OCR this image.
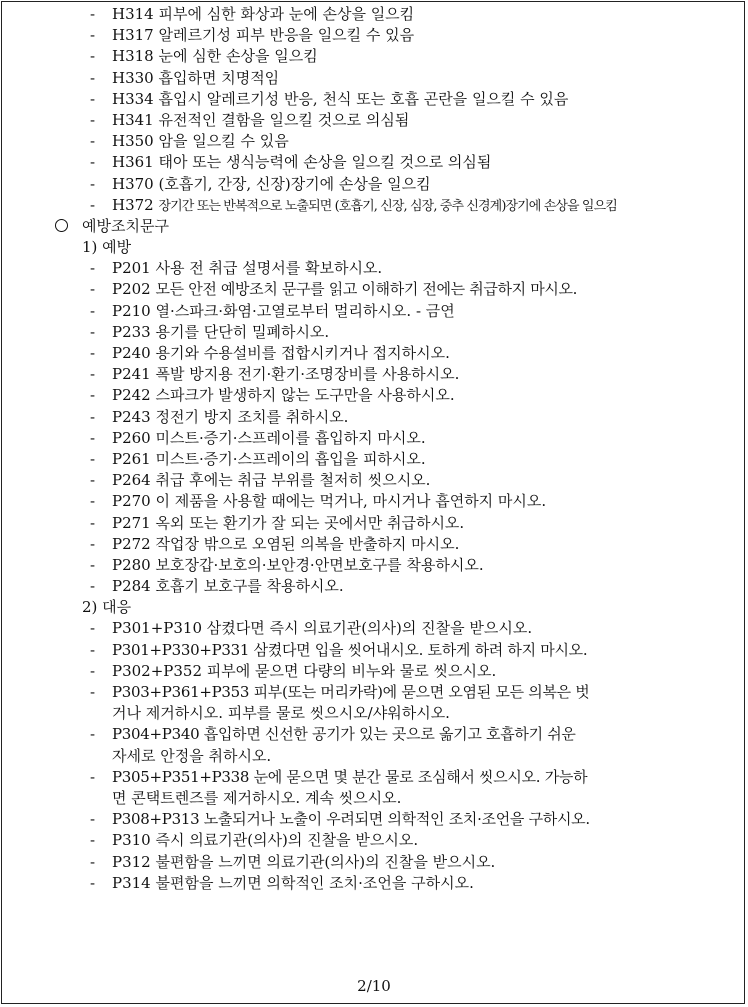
- H314 피부에 심한 화상과 눈에 손상을 일으킴
- H317 알레르기성 피부 반응을 일으킬 수 있음
- H318 눈에 심한 손상을 일으킴
- H330 흡입하면 치명적임
- H334 흡입시 알레르기성 반응, 천식 또는 호흡 곤란을 일으킬 수 있음
- H341 유전적인 결함을 일으킬 것으로 의심됨
- H350 암을 일으킬 수 있음
- H361 태아 또는 생식능력에 손상을 일으킬 것으로 의심됨
- H370 (호흡기, 간장, 신장)장기에 손상을 일으킴
- H372 장기간 또는 반복적으로 노출되면 (호흡기, 신장, 심장, 중추 신경계)장기에 손상을 일으킴
예방조치문구
1) 예방
- P201 사용 전 취급 설명서를 확보하시오.
- P202 모든 안전 예방조치 문구를 읽고 이해하기 전에는 취급하지 마시오.
- P210 열·스파크·화염·고열로부터 멀리하시오. - 금연
- P233 용기를 단단히 밀폐하시오.
- P240 용기와 수용설비를 접합시키거나 접지하시오.
- P241 폭발 방지용 전기·환기·조명장비를 사용하시오.
- P242 스파크가 발생하지 않는 도구만을 사용하시오.
- P243 정전기 방지 조치를 취하시오.
- P260 미스트·증기·스프레이를 흡입하지 마시오.
- P261 미스트·증기·스프레이의 흡입을 피하시오.
- P264 취급 후에는 취급 부위를 철저히 씻으시오.
- P270 이 제품을 사용할 때에는 먹거나, 마시거나 흡연하지 마시오.
- P271 옥외 또는 환기가 잘 되는 곳에서만 취급하시오.
- P272 작업장 밖으로 오염된 의복을 반출하지 마시오.
- P280 보호장갑·보호의·보안경·안면보호구를 착용하시오.
- P284 호흡기 보호구를 착용하시오.
2) 대응
- P301+P310 삼켰다면 즉시 의료기관(의사)의 진찰을 받으시오.
- P301+P330+P331 삼켰다면 입을 씻어내시오. 토하게 하려 하지 마시오.
- P302+P352 피부에 묻으면 다량의 비누와 물로 씻으시오.
- P303+P361+P353 피부(또는 머리카락)에 묻으면 오염된 모든 의복은 벗
거나 제거하시오. 피부를 물로 씻으시오/샤워하시오.
- P304+P340 흡입하면 신선한 공기가 있는 곳으로 옮기고 호흡하기 쉬운
자세로 안정을 취하시오.
- P305+P351+P338 눈에 묻으면 몇 분간 물로 조심해서 씻으시오. 가능하
면 콘택트렌즈를 제거하시오. 계속 씻으시오.
- P308+P313 노출되거나 노출이 우려되면 의학적인 조치·조언을 구하시오.
- P310 즉시 의료기관(의사)의 진찰을 받으시오.
- P312 불편함을 느끼면 의료기관(의사)의 진찰을 받으시오.
- P314 불편함을 느끼면 의학적인 조치·조언을 구하시오.
2/10
